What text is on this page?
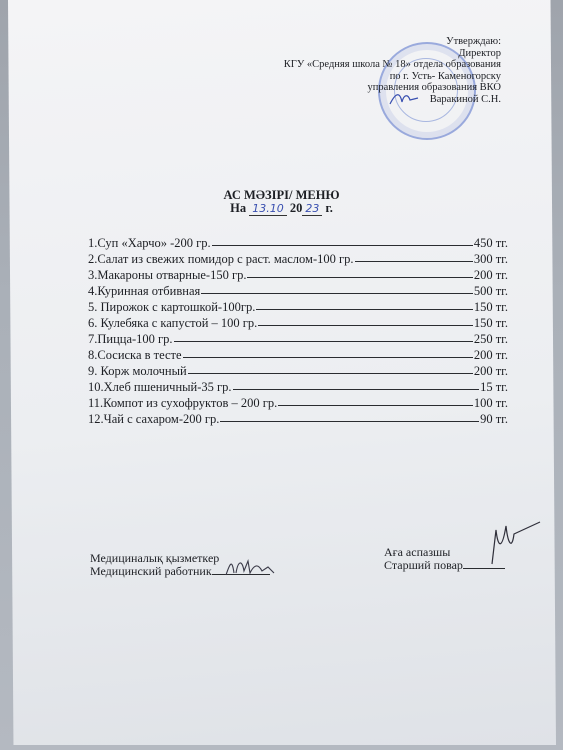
Утверждаю:
Директор
КГУ «Средняя школа № 18» отдела образования
по г. Усть- Каменогорску
управления образования ВКО
Варакиной С.Н.
АС МӘЗІРІ/ МЕНЮ
На 13.10 20 23 г.
1.Суп «Харчо» -200 гр.	450 тг.
2.Салат из свежих помидор с раст. маслом-100 гр.	300 тг.
3.Макароны отварные-150 гр.	200 тг.
4.Куринная отбивная	500 тг.
5. Пирожок с картошкой-100гр.	150 тг.
6. Кулебяка с капустой – 100 гр.	150 тг.
7.Пицца-100 гр.	250 тг.
8.Сосиска в тесте	200 тг.
9. Корж молочный	200 тг.
10.Хлеб пшеничный-35 гр.	15 тг.
11.Компот из сухофруктов – 200 гр.	100 тг.
12.Чай с сахаром-200 гр.	90 тг.
Медициналық қызметкер
Медицинский работник
Аға аспазшы
Старший повар
